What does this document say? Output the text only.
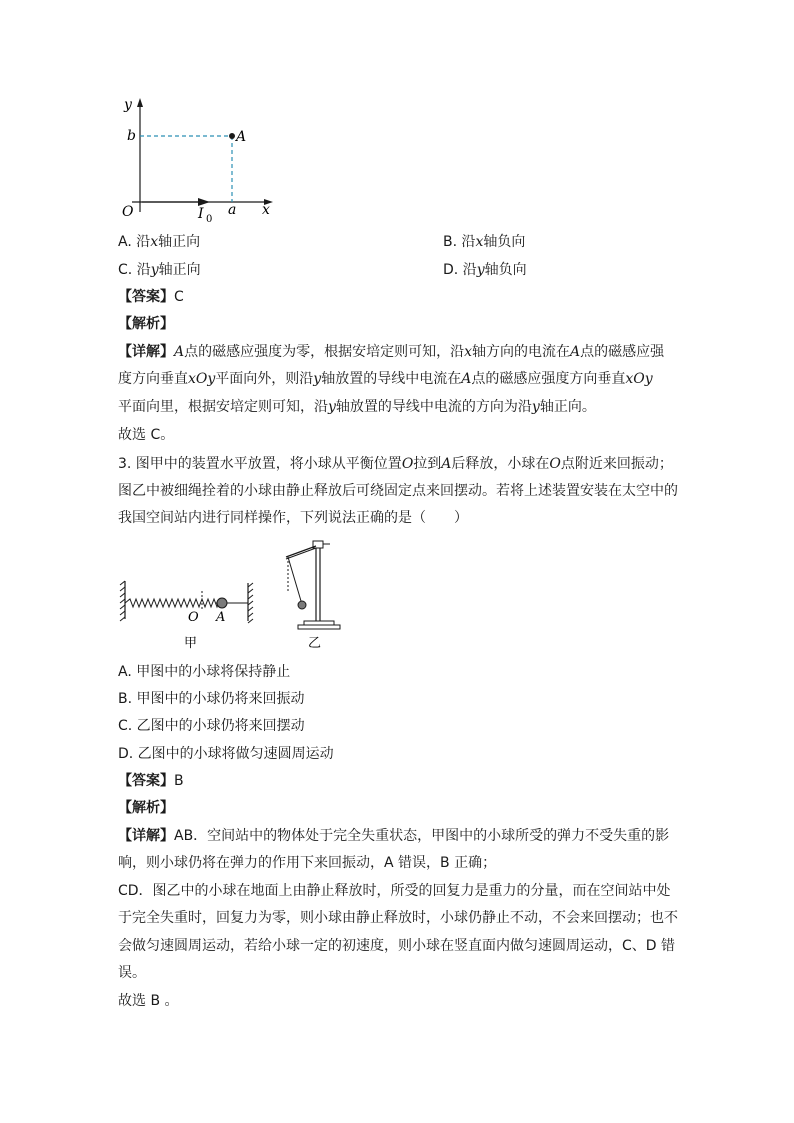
y
b	A
O	I 0
a x
A. 沿x轴正向	B. 沿x轴负向
C. 沿y轴正向	D. 沿y轴负向
【答案】C
【解析】
【详解】A点的磁感应强度为零，根据安培定则可知，沿x轴方向的电流在A点的磁感应强
度方向垂直xOy平面向外，则沿y轴放置的导线中电流在A点的磁感应强度方向垂直xOy
平面向里，根据安培定则可知，沿y轴放置的导线中电流的方向为沿y轴正向。
故选 C。
3. 图甲中的装置水平放置，将小球从平衡位置O拉到A后释放，小球在O点附近来回振动；
图乙中被细绳拴着的小球由静止释放后可绕固定点来回摆动。若将上述装置安装在太空中的
我国空间站内进行同样操作，下列说法正确的是（　　）
O A
甲	乙
A. 甲图中的小球将保持静止
B. 甲图中的小球仍将来回振动
C. 乙图中的小球仍将来回摆动
D. 乙图中的小球将做匀速圆周运动
【答案】B
【解析】
【详解】AB．空间站中的物体处于完全失重状态，甲图中的小球所受的弹力不受失重的影
响，则小球仍将在弹力的作用下来回振动，A 错误，B 正确；
CD．图乙中的小球在地面上由静止释放时，所受的回复力是重力的分量，而在空间站中处
于完全失重时，回复力为零，则小球由静止释放时，小球仍静止不动，不会来回摆动；也不
会做匀速圆周运动，若给小球一定的初速度，则小球在竖直面内做匀速圆周运动，C、D 错
误。
故选 B 。
